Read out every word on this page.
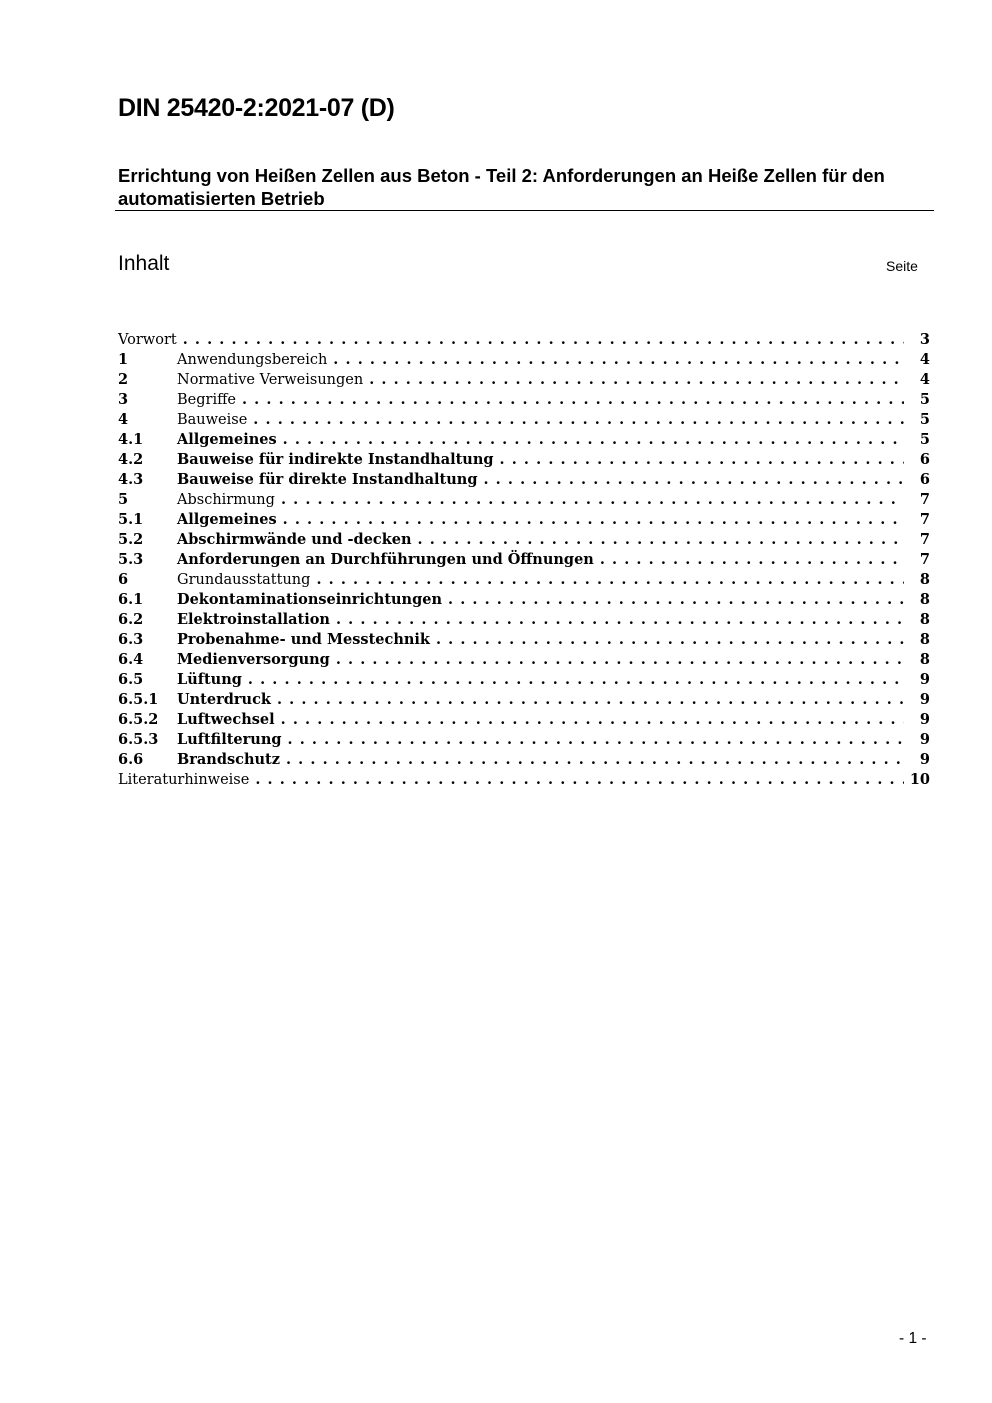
DIN 25420-2:2021-07 (D)
Errichtung von Heißen Zellen aus Beton - Teil 2: Anforderungen an Heiße Zellen für den automatisierten Betrieb
Inhalt	Seite
Vorwort . . .	3
1	Anwendungsbereich . . .	4
2	Normative Verweisungen . . .	4
3	Begriffe . . .	5
4	Bauweise . . .	5
4.1	Allgemeines . . .	5
4.2	Bauweise für indirekte Instandhaltung . . .	6
4.3	Bauweise für direkte Instandhaltung . . .	6
5	Abschirmung . . .	7
5.1	Allgemeines . . .	7
5.2	Abschirmwände und -decken . . .	7
5.3	Anforderungen an Durchführungen und Öffnungen . . .	7
6	Grundausstattung . . .	8
6.1	Dekontaminationseinrichtungen . . .	8
6.2	Elektroinstallation . . .	8
6.3	Probenahme- und Messtechnik . . .	8
6.4	Medienversorgung . . .	8
6.5	Lüftung . . .	9
6.5.1	Unterdruck . . .	9
6.5.2	Luftwechsel . . .	9
6.5.3	Luftfilterung . . .	9
6.6	Brandschutz . . .	9
Literaturhinweise . . .	10
- 1 -
